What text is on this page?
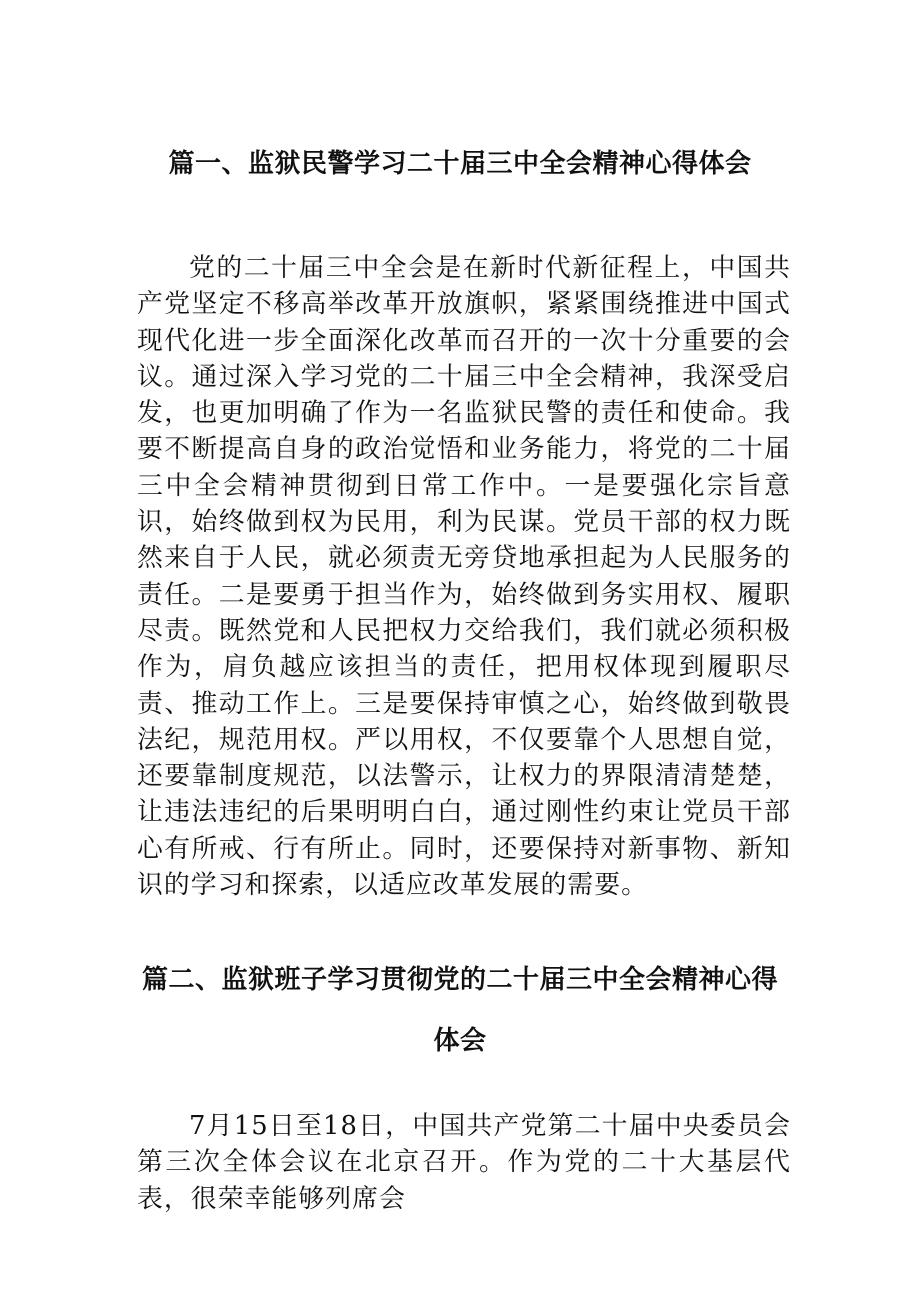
篇一、监狱民警学习二十届三中全会精神心得体会

党的二十届三中全会是在新时代新征程上，中国共产党坚定不移高举改革开放旗帜，紧紧围绕推进中国式现代化进一步全面深化改革而召开的一次十分重要的会议。通过深入学习党的二十届三中全会精神，我深受启发，也更加明确了作为一名监狱民警的责任和使命。我要不断提高自身的政治觉悟和业务能力，将党的二十届三中全会精神贯彻到日常工作中。一是要强化宗旨意识，始终做到权为民用，利为民谋。党员干部的权力既然来自于人民，就必须责无旁贷地承担起为人民服务的责任。二是要勇于担当作为，始终做到务实用权、履职尽责。既然党和人民把权力交给我们，我们就必须积极作为，肩负越应该担当的责任，把用权体现到履职尽责、推动工作上。三是要保持审慎之心，始终做到敬畏法纪，规范用权。严以用权，不仅要靠个人思想自觉，还要靠制度规范，以法警示，让权力的界限清清楚楚，让违法违纪的后果明明白白，通过刚性约束让党员干部心有所戒、行有所止。同时，还要保持对新事物、新知识的学习和探索，以适应改革发展的需要。

篇二、监狱班子学习贯彻党的二十届三中全会精神心得体会

7月15日至18日，中国共产党第二十届中央委员会第三次全体会议在北京召开。作为党的二十大基层代表，很荣幸能够列席会
